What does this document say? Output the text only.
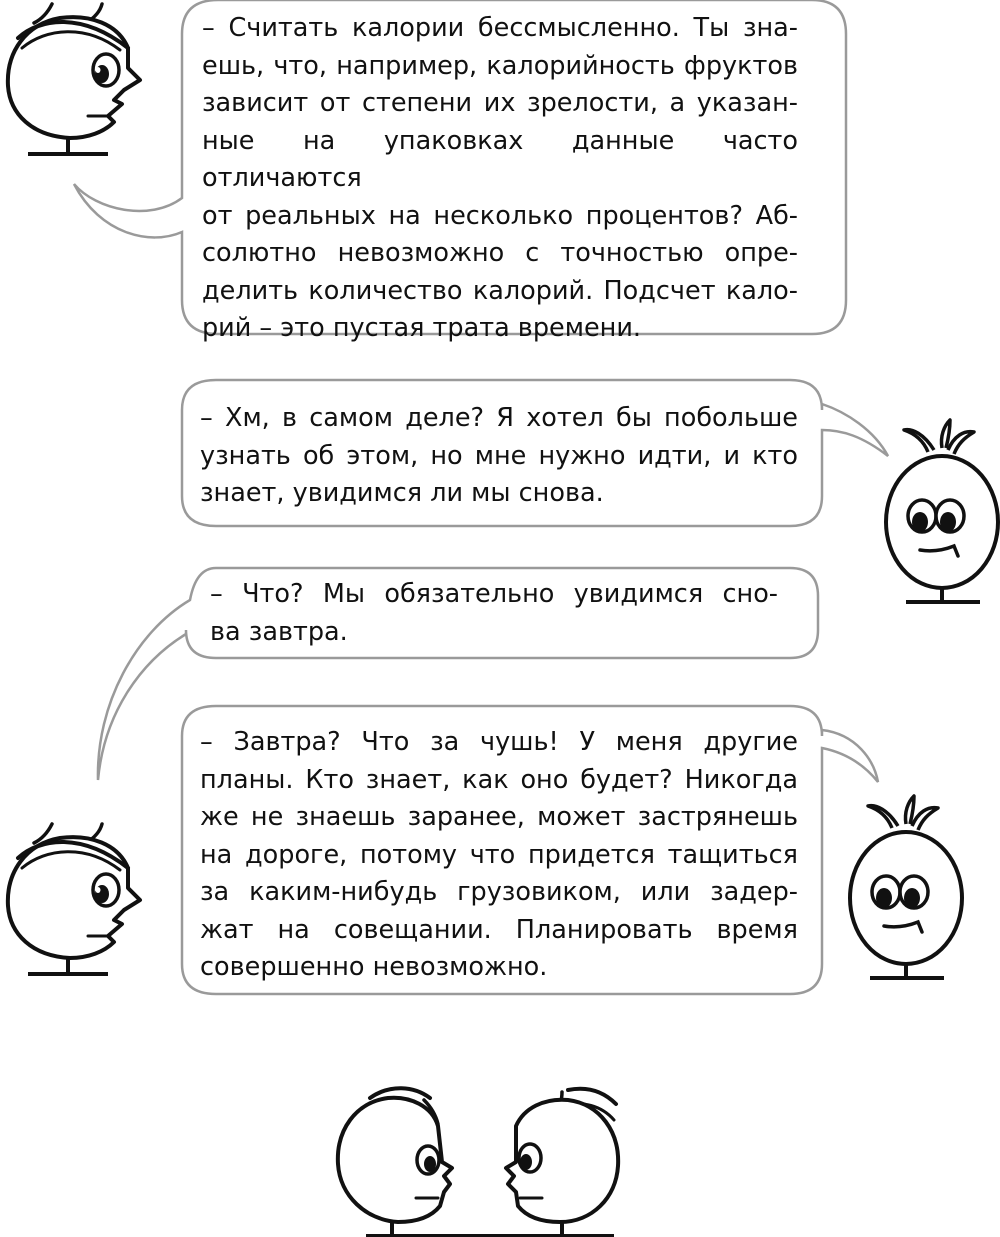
– Считать калории бессмысленно. Ты зна-
ешь, что, например, калорийность фруктов
зависит от степени их зрелости, а указан-
ные на упаковках данные часто отличаются
от реальных на несколько процентов? Аб-
солютно невозможно с точностью опре-
делить количество калорий. Подсчет кало-
рий – это пустая трата времени.
– Хм, в самом деле? Я хотел бы побольше
узнать об этом, но мне нужно идти, и кто
знает, увидимся ли мы снова.
– Что? Мы обязательно увидимся сно-
ва завтра.
– Завтра? Что за чушь! У меня другие
планы. Кто знает, как оно будет? Никогда
же не знаешь заранее, может застрянешь
на дороге, потому что придется тащиться
за каким-нибудь грузовиком, или задер-
жат на совещании. Планировать время
совершенно невозможно.
